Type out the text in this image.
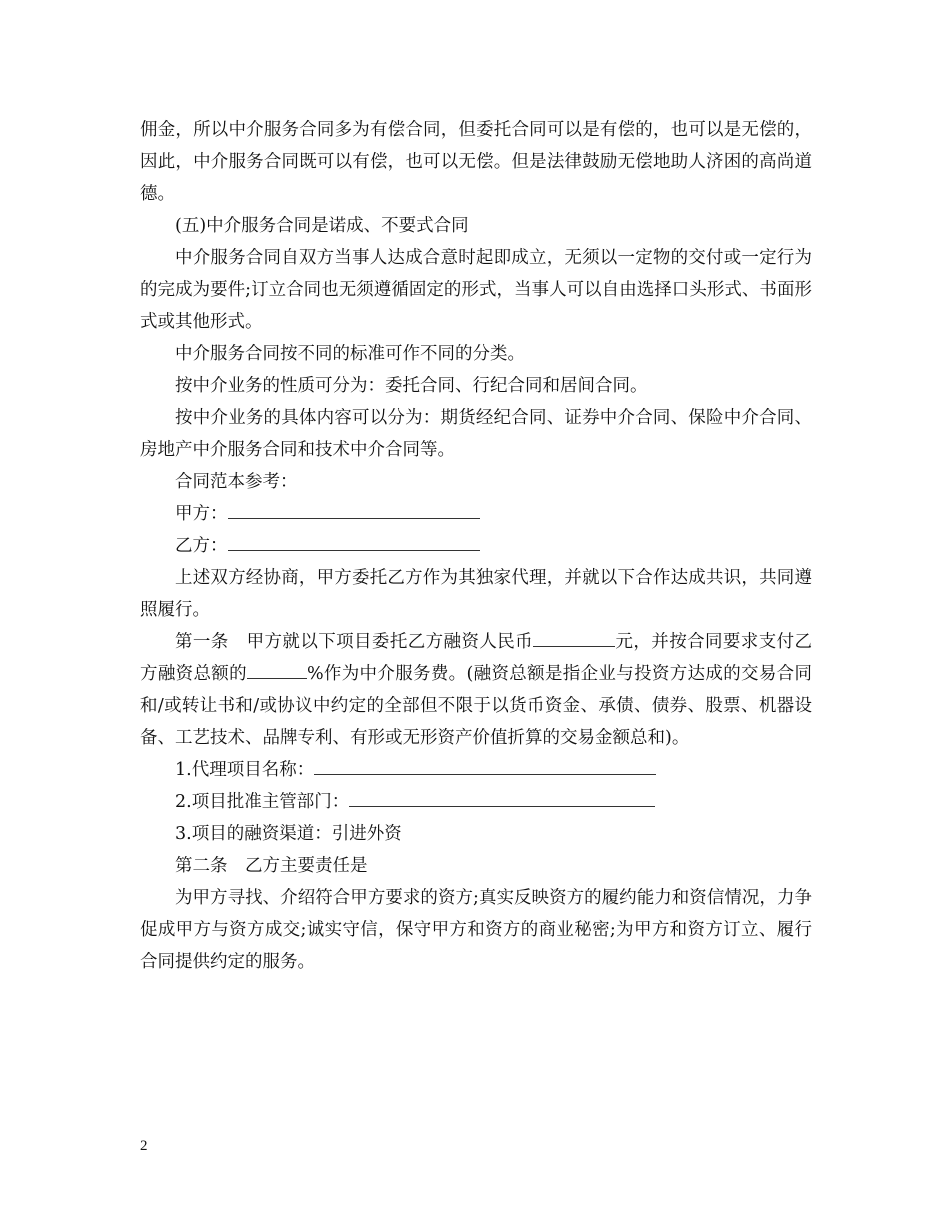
佣金，所以中介服务合同多为有偿合同，但委托合同可以是有偿的，也可以是无偿的，因此，中介服务合同既可以有偿，也可以无偿。但是法律鼓励无偿地助人济困的高尚道德。

(五)中介服务合同是诺成、不要式合同

中介服务合同自双方当事人达成合意时起即成立，无须以一定物的交付或一定行为的完成为要件;订立合同也无须遵循固定的形式，当事人可以自由选择口头形式、书面形式或其他形式。

中介服务合同按不同的标准可作不同的分类。

按中介业务的性质可分为：委托合同、行纪合同和居间合同。

按中介业务的具体内容可以分为：期货经纪合同、证券中介合同、保险中介合同、房地产中介服务合同和技术中介合同等。

合同范本参考：

甲方：

乙方：

上述双方经协商，甲方委托乙方作为其独家代理，并就以下合作达成共识，共同遵照履行。

第一条　甲方就以下项目委托乙方融资人民币	元，并按合同要求支付乙方融资总额的	%作为中介服务费。(融资总额是指企业与投资方达成的交易合同和/或转让书和/或协议中约定的全部但不限于以货币资金、承债、债券、股票、机器设备、工艺技术、品牌专利、有形或无形资产价值折算的交易金额总和)。

1.代理项目名称：

2.项目批准主管部门：

3.项目的融资渠道：引进外资

第二条　乙方主要责任是

为甲方寻找、介绍符合甲方要求的资方;真实反映资方的履约能力和资信情况，力争促成甲方与资方成交;诚实守信，保守甲方和资方的商业秘密;为甲方和资方订立、履行合同提供约定的服务。

2
